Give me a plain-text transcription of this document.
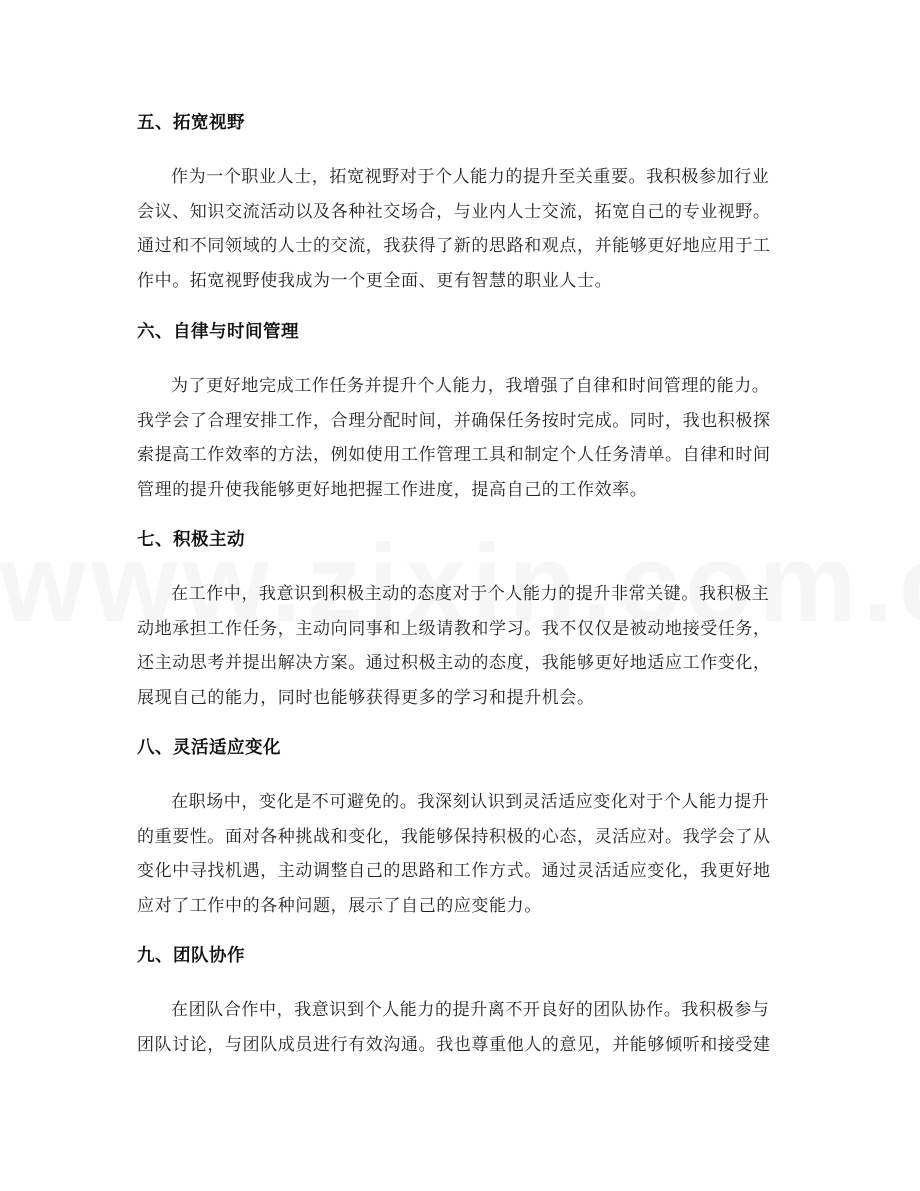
五、拓宽视野

作为一个职业人士，拓宽视野对于个人能力的提升至关重要。我积极参加行业
会议、知识交流活动以及各种社交场合，与业内人士交流，拓宽自己的专业视野。
通过和不同领域的人士的交流，我获得了新的思路和观点，并能够更好地应用于工
作中。拓宽视野使我成为一个更全面、更有智慧的职业人士。

六、自律与时间管理

为了更好地完成工作任务并提升个人能力，我增强了自律和时间管理的能力。
我学会了合理安排工作，合理分配时间，并确保任务按时完成。同时，我也积极探
索提高工作效率的方法，例如使用工作管理工具和制定个人任务清单。自律和时间
管理的提升使我能够更好地把握工作进度，提高自己的工作效率。

七、积极主动

在工作中，我意识到积极主动的态度对于个人能力的提升非常关键。我积极主
动地承担工作任务，主动向同事和上级请教和学习。我不仅仅是被动地接受任务，
还主动思考并提出解决方案。通过积极主动的态度，我能够更好地适应工作变化，
展现自己的能力，同时也能够获得更多的学习和提升机会。

八、灵活适应变化

在职场中，变化是不可避免的。我深刻认识到灵活适应变化对于个人能力提升
的重要性。面对各种挑战和变化，我能够保持积极的心态，灵活应对。我学会了从
变化中寻找机遇，主动调整自己的思路和工作方式。通过灵活适应变化，我更好地
应对了工作中的各种问题，展示了自己的应变能力。

九、团队协作

在团队合作中，我意识到个人能力的提升离不开良好的团队协作。我积极参与
团队讨论，与团队成员进行有效沟通。我也尊重他人的意见，并能够倾听和接受建
